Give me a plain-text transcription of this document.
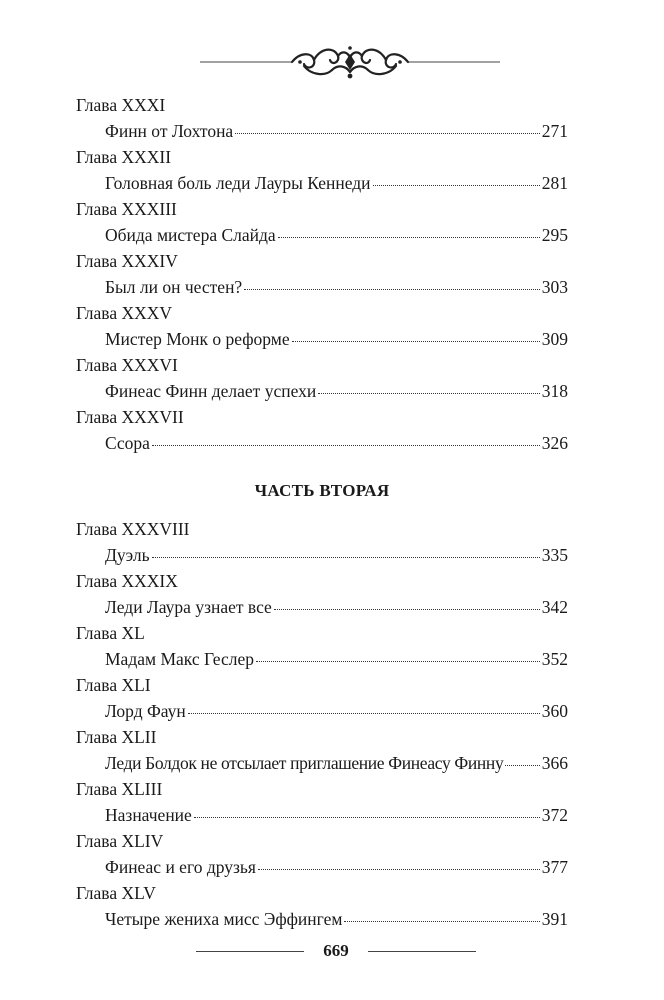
Глава XXXI
Финн от Лохтона	271
Глава XXXII
Головная боль леди Лауры Кеннеди	281
Глава XXXIII
Обида мистера Слайда	295
Глава XXXIV
Был ли он честен?	303
Глава XXXV
Мистер Монк о реформе	309
Глава XXXVI
Финеас Финн делает успехи	318
Глава XXXVII
Ссора	326
ЧАСТЬ ВТОРАЯ
Глава XXXVIII
Дуэль	335
Глава XXXIX
Леди Лаура узнает все	342
Глава XL
Мадам Макс Геслер	352
Глава XLI
Лорд Фаун	360
Глава XLII
Леди Болдок не отсылает приглашение Финеасу Финну 366
Глава XLIII
Назначение	372
Глава XLIV
Финеас и его друзья	377
Глава XLV
Четыре жениха мисс Эффингем	391
669
